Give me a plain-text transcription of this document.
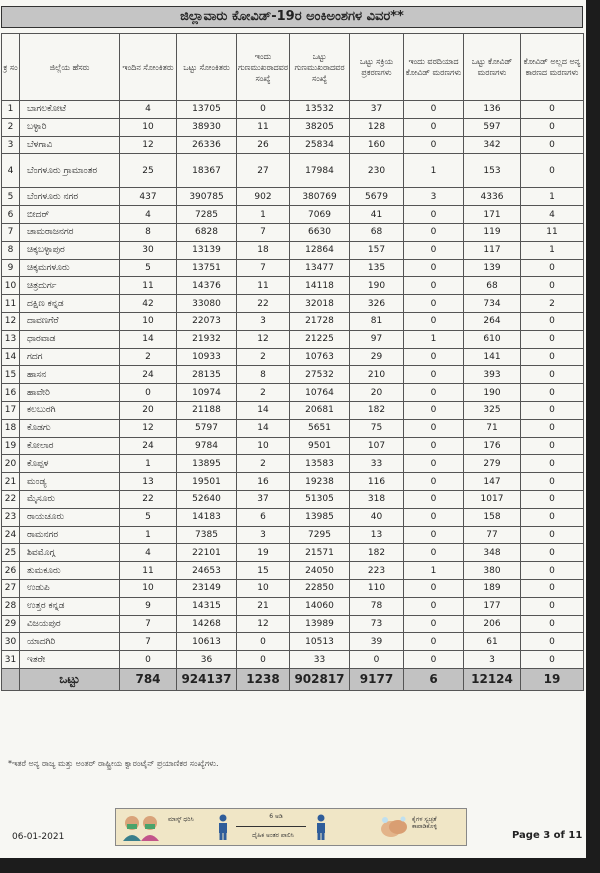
ಜಿಲ್ಲಾವಾರು ಕೋವಿಡ್-19ರ ಅಂಕಿಅಂಶಗಳ ವಿವರ**
ಕ್ರ ಸಂ	ಜಿಲ್ಲೆಯ ಹೆಸರು	ಇಂದಿನ ಸೋಂಕಿತರು	ಒಟ್ಟು ಸೋಂಕಿತರು	ಇಂದು ಗುಣಮುಖರಾದವರ ಸಂಖ್ಯೆ	ಒಟ್ಟು ಗುಣಮುಖರಾದವರ ಸಂಖ್ಯೆ	ಒಟ್ಟು ಸಕ್ರಿಯ ಪ್ರಕರಣಗಳು	ಇಂದು ವರದಿಯಾದ ಕೋವಿಡ್ ಮರಣಗಳು	ಒಟ್ಟು ಕೋವಿಡ್ ಮರಣಗಳು	ಕೋವಿಡ್ ಅಲ್ಲದ ಅನ್ಯ ಕಾರಣದ ಮರಣಗಳು
1	ಬಾಗಲಕೋಟೆ	4	13705	0	13532	37	0	136	0
2	ಬಳ್ಳಾರಿ	10	38930	11	38205	128	0	597	0
3	ಬೆಳಗಾವಿ	12	26336	26	25834	160	0	342	0
4	ಬೆಂಗಳೂರು ಗ್ರಾಮಾಂತರ	25	18367	27	17984	230	1	153	0
5	ಬೆಂಗಳೂರು ನಗರ	437	390785	902	380769	5679	3	4336	1
6	ಬೀದರ್	4	7285	1	7069	41	0	171	4
7	ಚಾಮರಾಜನಗರ	8	6828	7	6630	68	0	119	11
8	ಚಿಕ್ಕಬಳ್ಳಾಪುರ	30	13139	18	12864	157	0	117	1
9	ಚಿಕ್ಕಮಗಳೂರು	5	13751	7	13477	135	0	139	0
10	ಚಿತ್ರದುರ್ಗ	11	14376	11	14118	190	0	68	0
11	ದಕ್ಷಿಣ ಕನ್ನಡ	42	33080	22	32018	326	0	734	2
12	ದಾವಣಗೆರೆ	10	22073	3	21728	81	0	264	0
13	ಧಾರವಾಡ	14	21932	12	21225	97	1	610	0
14	ಗದಗ	2	10933	2	10763	29	0	141	0
15	ಹಾಸನ	24	28135	8	27532	210	0	393	0
16	ಹಾವೇರಿ	0	10974	2	10764	20	0	190	0
17	ಕಲಬುರಗಿ	20	21188	14	20681	182	0	325	0
18	ಕೊಡಗು	12	5797	14	5651	75	0	71	0
19	ಕೋಲಾರ	24	9784	10	9501	107	0	176	0
20	ಕೊಪ್ಪಳ	1	13895	2	13583	33	0	279	0
21	ಮಂಡ್ಯ	13	19501	16	19238	116	0	147	0
22	ಮೈಸೂರು	22	52640	37	51305	318	0	1017	0
23	ರಾಯಚೂರು	5	14183	6	13985	40	0	158	0
24	ರಾಮನಗರ	1	7385	3	7295	13	0	77	0
25	ಶಿವಮೊಗ್ಗ	4	22101	19	21571	182	0	348	0
26	ತುಮಕೂರು	11	24653	15	24050	223	1	380	0
27	ಉಡುಪಿ	10	23149	10	22850	110	0	189	0
28	ಉತ್ತರ ಕನ್ನಡ	9	14315	21	14060	78	0	177	0
29	ವಿಜಯಪುರ	7	14268	12	13989	73	0	206	0
30	ಯಾದಗಿರಿ	7	10613	0	10513	39	0	61	0
31	ಇತರೇ	0	36	0	33	0	0	3	0
	ಒಟ್ಟು	784	924137	1238	902817	9177	6	12124	19
*ಇತರೆ ಅನ್ಯ ರಾಜ್ಯ ಮತ್ತು ಅಂತರ್ ರಾಷ್ಟ್ರೀಯ ಕ್ವಾರಂಟೈನ್ ಪ್ರಯಾಣಿಕರ ಸಂಖ್ಯೆಗಳು.
ಮಾಸ್ಕ್ ಧರಿಸಿ	6 ಅಡಿ
ದೈಹಿಕ ಅಂತರ ಪಾಲಿಸಿ
ಕೈಗಳ ಸ್ವಚ್ಛತೆ ಕಾಪಾಡಿಕೊಳ್ಳಿ
06-01-2021	Page 3 of 11
